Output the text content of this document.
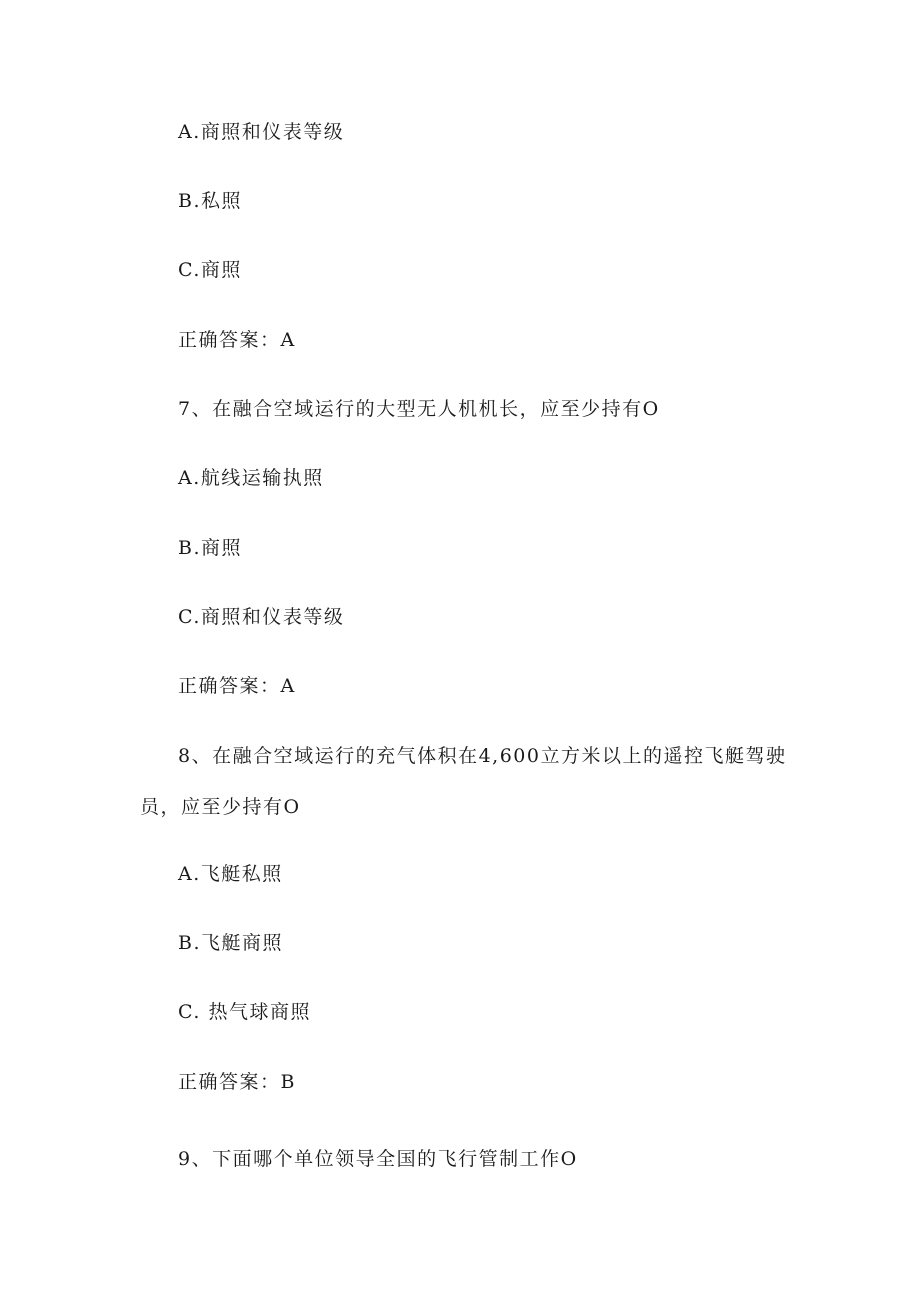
A.商照和仪表等级
B.私照
C.商照
正确答案：A
7、在融合空域运行的大型无人机机长，应至少持有O
A.航线运输执照
B.商照
C.商照和仪表等级
正确答案：A
8、在融合空域运行的充气体积在4,600立方米以上的遥控飞艇驾驶
员，应至少持有O
A.飞艇私照
B.飞艇商照
C. 热气球商照
正确答案：B
9、下面哪个单位领导全国的飞行管制工作O
